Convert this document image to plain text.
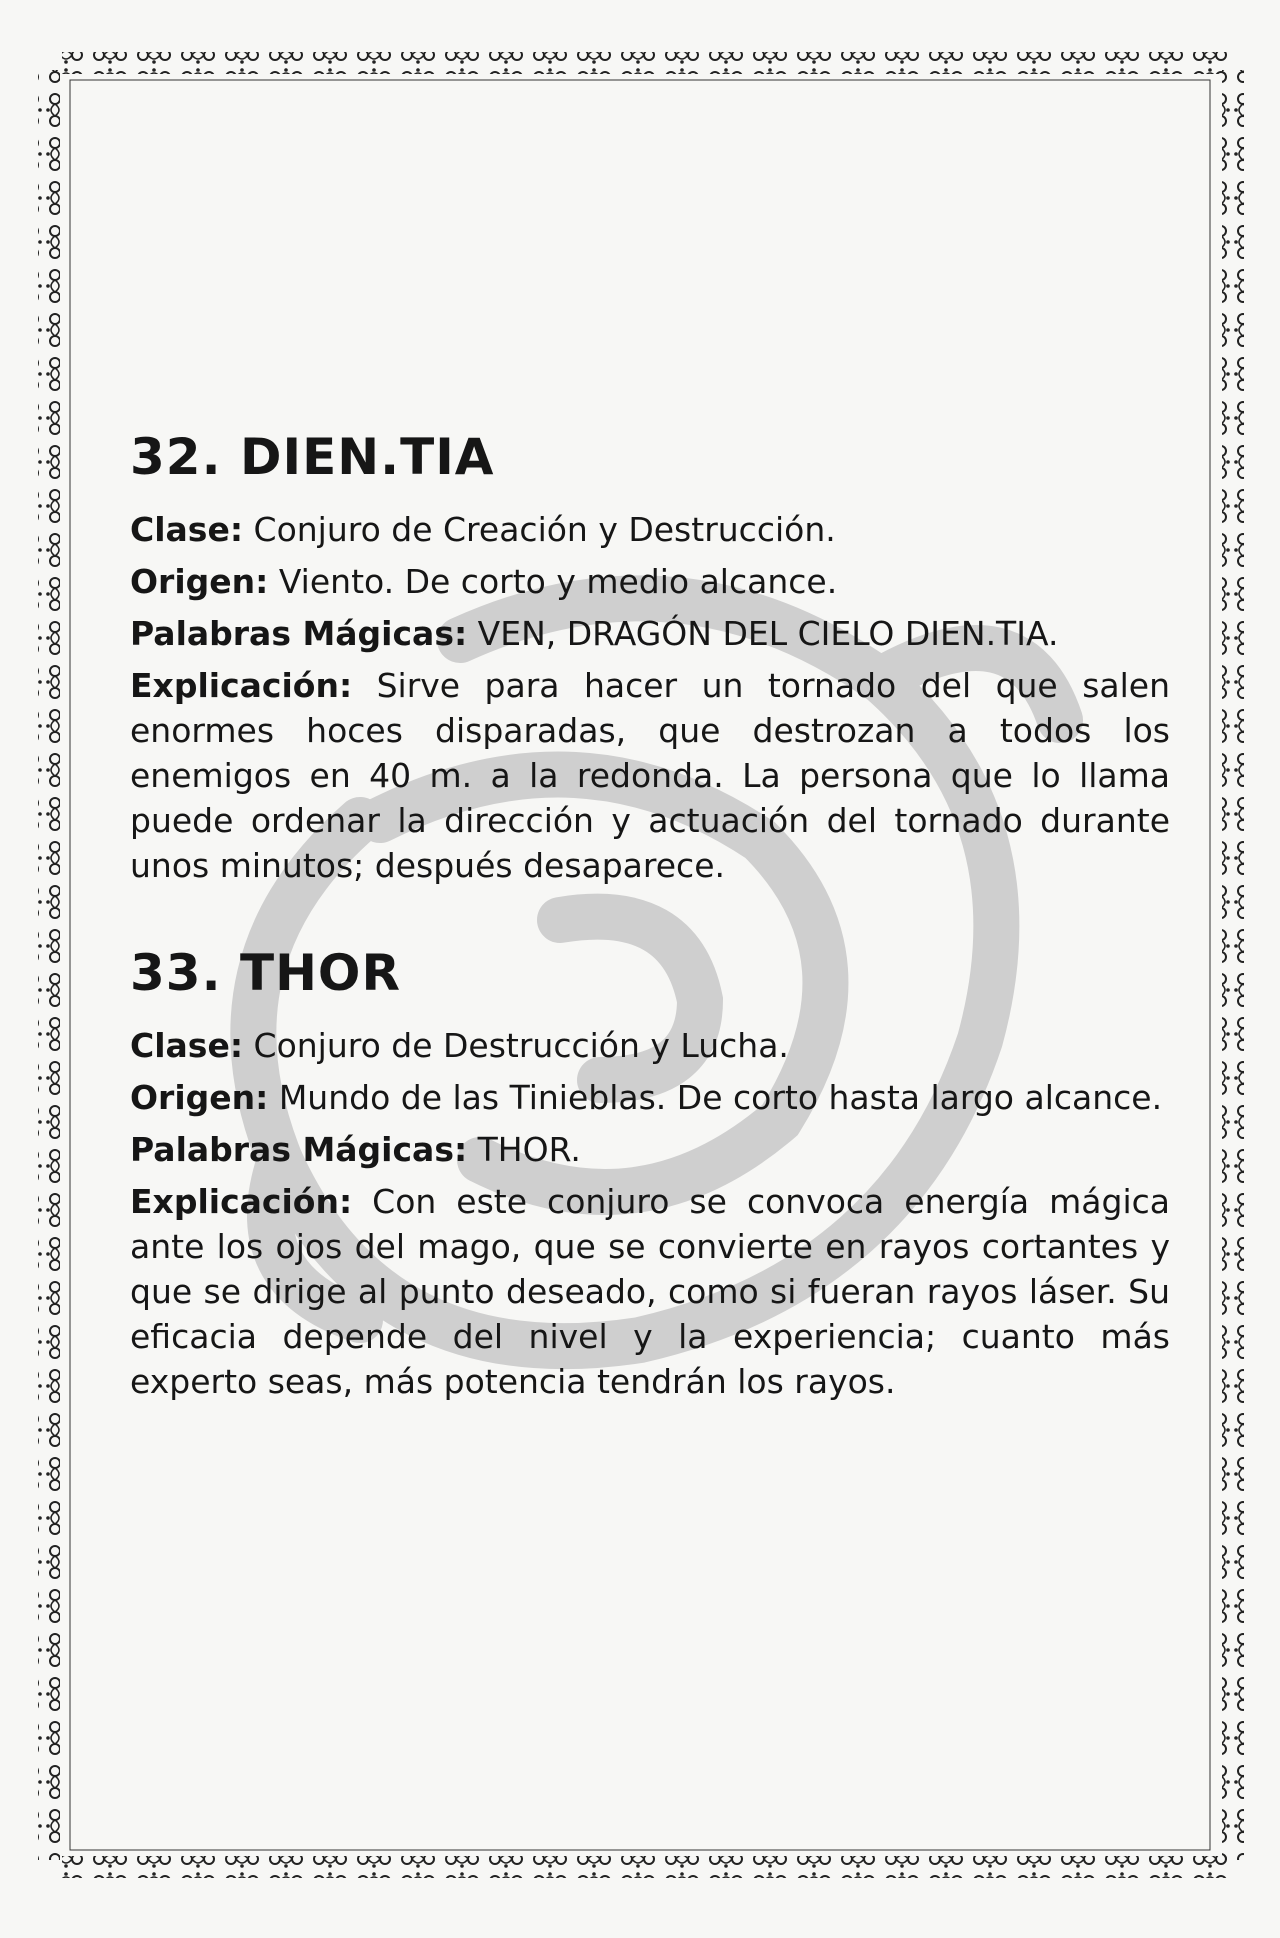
32. DIEN.TIA

Clase: Conjuro de Creación y Destrucción.

Origen: Viento. De corto y medio alcance.

Palabras Mágicas: VEN, DRAGÓN DEL CIELO DIEN.TIA.

Explicación: Sirve para hacer un tornado del que salen enormes hoces disparadas, que destrozan a todos los enemigos en 40 m. a la redonda. La persona que lo llama puede ordenar la dirección y actuación del tornado durante unos minutos; después desaparece.

33. THOR

Clase: Conjuro de Destrucción y Lucha.

Origen: Mundo de las Tinieblas. De corto hasta largo alcance.

Palabras Mágicas: THOR.

Explicación: Con este conjuro se convoca energía mágica ante los ojos del mago, que se convierte en rayos cortantes y que se dirige al punto deseado, como si fueran rayos láser. Su eficacia depende del nivel y la experiencia; cuanto más experto seas, más potencia tendrán los rayos.
